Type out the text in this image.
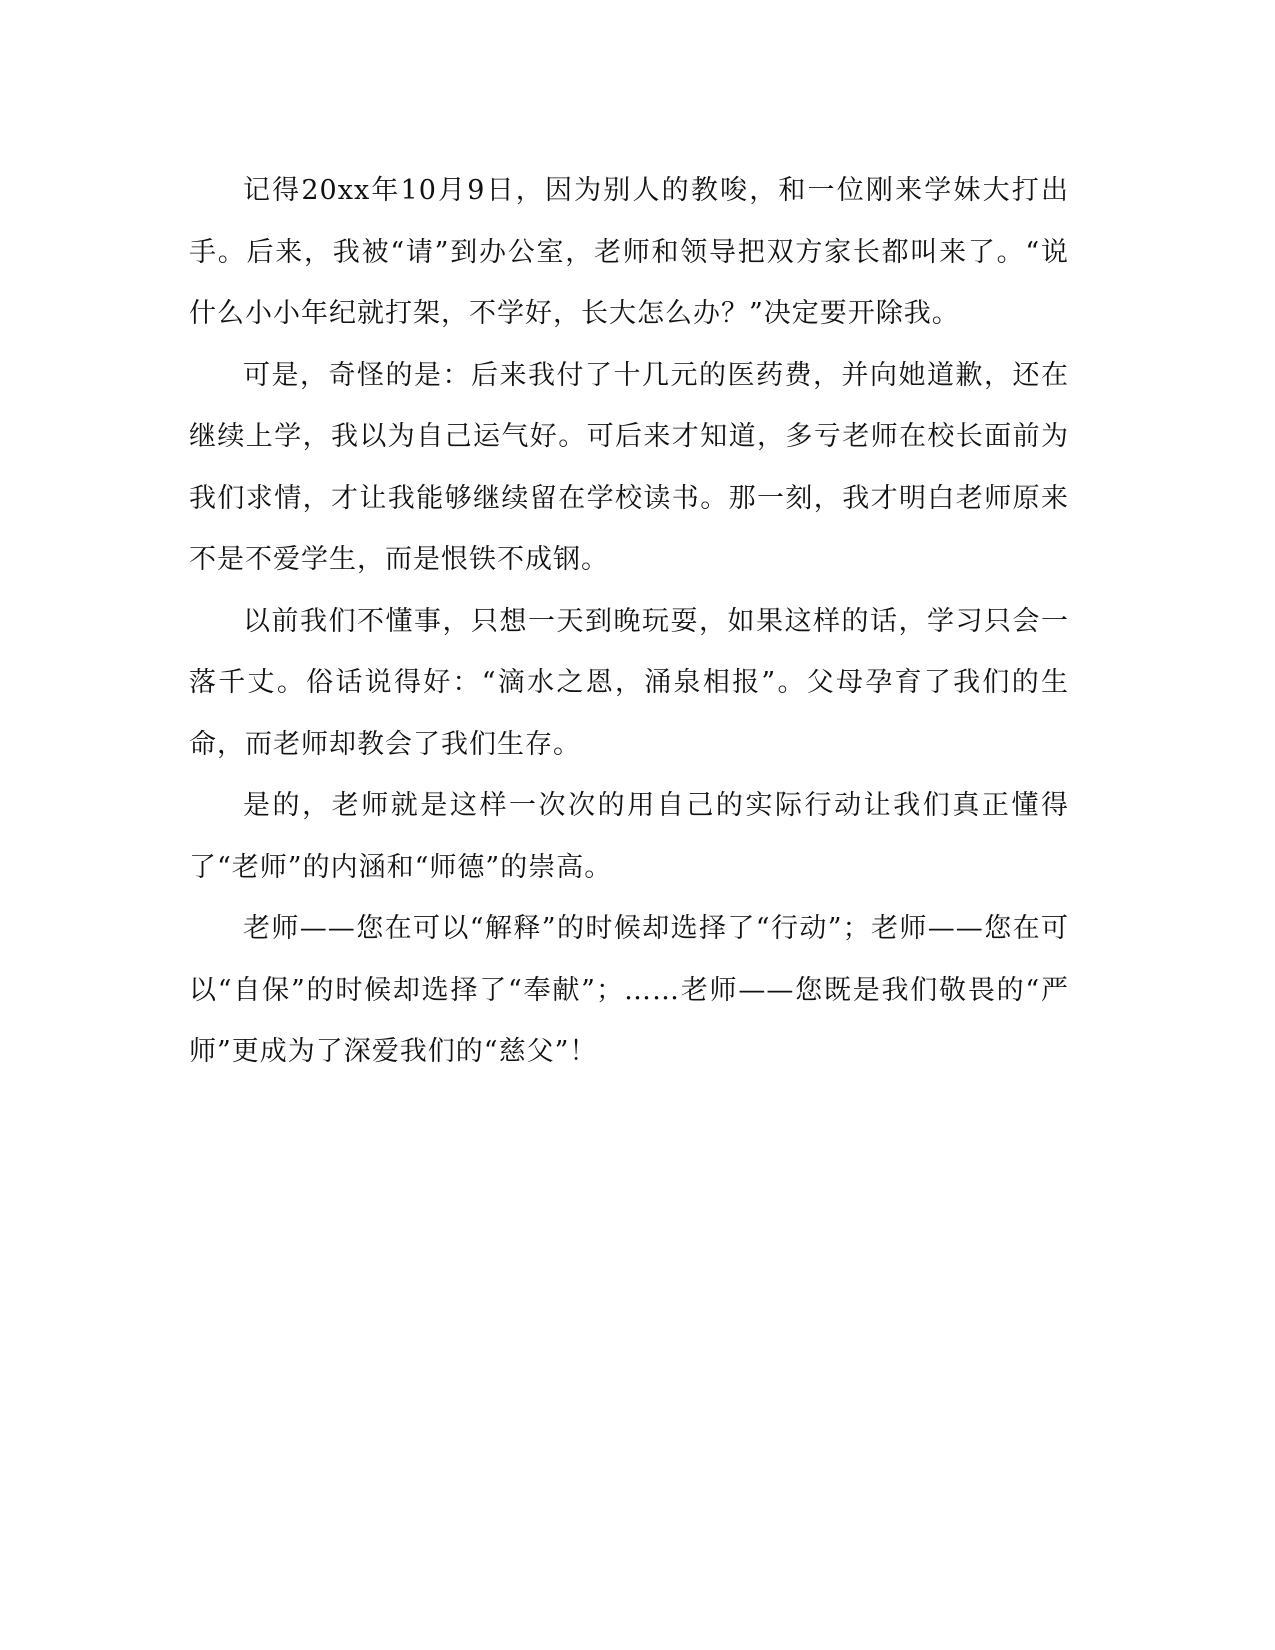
记得20xx年10月9日，因为别人的教唆，和一位刚来学妹大打出手。后来，我被“请”到办公室，老师和领导把双方家长都叫来了。“说什么小小年纪就打架，不学好，长大怎么办？”决定要开除我。

可是，奇怪的是：后来我付了十几元的医药费，并向她道歉，还在继续上学，我以为自己运气好。可后来才知道，多亏老师在校长面前为我们求情，才让我能够继续留在学校读书。那一刻，我才明白老师原来不是不爱学生，而是恨铁不成钢。

以前我们不懂事，只想一天到晚玩耍，如果这样的话，学习只会一落千丈。俗话说得好：“滴水之恩，涌泉相报”。父母孕育了我们的生命，而老师却教会了我们生存。

是的，老师就是这样一次次的用自己的实际行动让我们真正懂得了“老师”的内涵和“师德”的崇高。

老师——您在可以“解释”的时候却选择了“行动”；老师——您在可以“自保”的时候却选择了“奉献”；……老师——您既是我们敬畏的“严师”更成为了深爱我们的“慈父”！
